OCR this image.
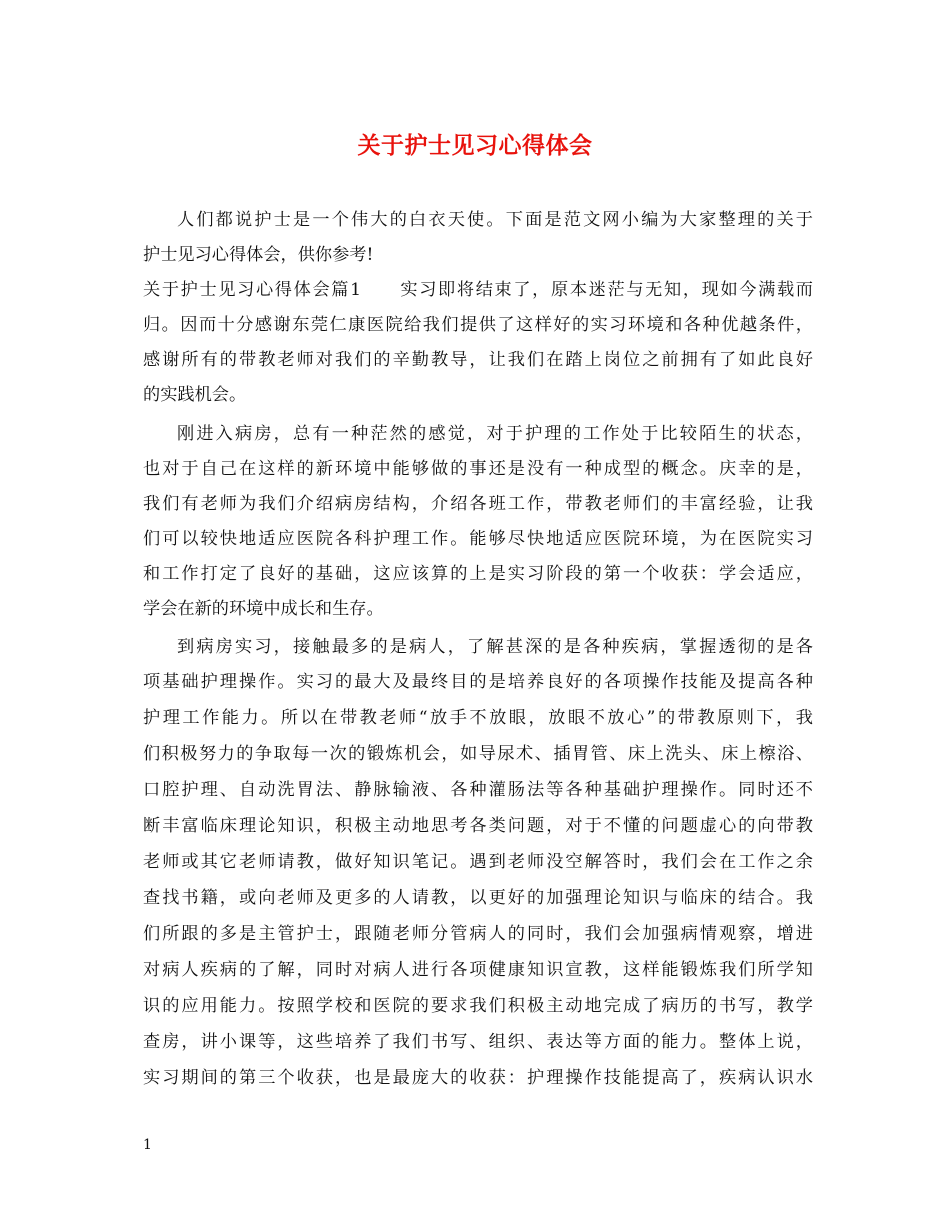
关于护士见习心得体会
人们都说护士是一个伟大的白衣天使。下面是范文网小编为大家整理的关于
护士见习心得体会，供你参考!
关于护士见习心得体会篇1　　实习即将结束了，原本迷茫与无知，现如今满载而
归。因而十分感谢东莞仁康医院给我们提供了这样好的实习环境和各种优越条件，
感谢所有的带教老师对我们的辛勤教导，让我们在踏上岗位之前拥有了如此良好
的实践机会。
刚进入病房，总有一种茫然的感觉，对于护理的工作处于比较陌生的状态，
也对于自己在这样的新环境中能够做的事还是没有一种成型的概念。庆幸的是，
我们有老师为我们介绍病房结构，介绍各班工作，带教老师们的丰富经验，让我
们可以较快地适应医院各科护理工作。能够尽快地适应医院环境，为在医院实习
和工作打定了良好的基础，这应该算的上是实习阶段的第一个收获：学会适应，
学会在新的环境中成长和生存。
到病房实习，接触最多的是病人，了解甚深的是各种疾病，掌握透彻的是各
项基础护理操作。实习的最大及最终目的是培养良好的各项操作技能及提高各种
护理工作能力。所以在带教老师“放手不放眼，放眼不放心”的带教原则下，我
们积极努力的争取每一次的锻炼机会，如导尿术、插胃管、床上洗头、床上檫浴、
口腔护理、自动洗胃法、静脉输液、各种灌肠法等各种基础护理操作。同时还不
断丰富临床理论知识，积极主动地思考各类问题，对于不懂的问题虚心的向带教
老师或其它老师请教，做好知识笔记。遇到老师没空解答时，我们会在工作之余
查找书籍，或向老师及更多的人请教，以更好的加强理论知识与临床的结合。我
们所跟的多是主管护士，跟随老师分管病人的同时，我们会加强病情观察，增进
对病人疾病的了解，同时对病人进行各项健康知识宣教，这样能锻炼我们所学知
识的应用能力。按照学校和医院的要求我们积极主动地完成了病历的书写，教学
查房，讲小课等，这些培养了我们书写、组织、表达等方面的能力。整体上说，
实习期间的第三个收获，也是最庞大的收获：护理操作技能提高了，疾病认识水
1
